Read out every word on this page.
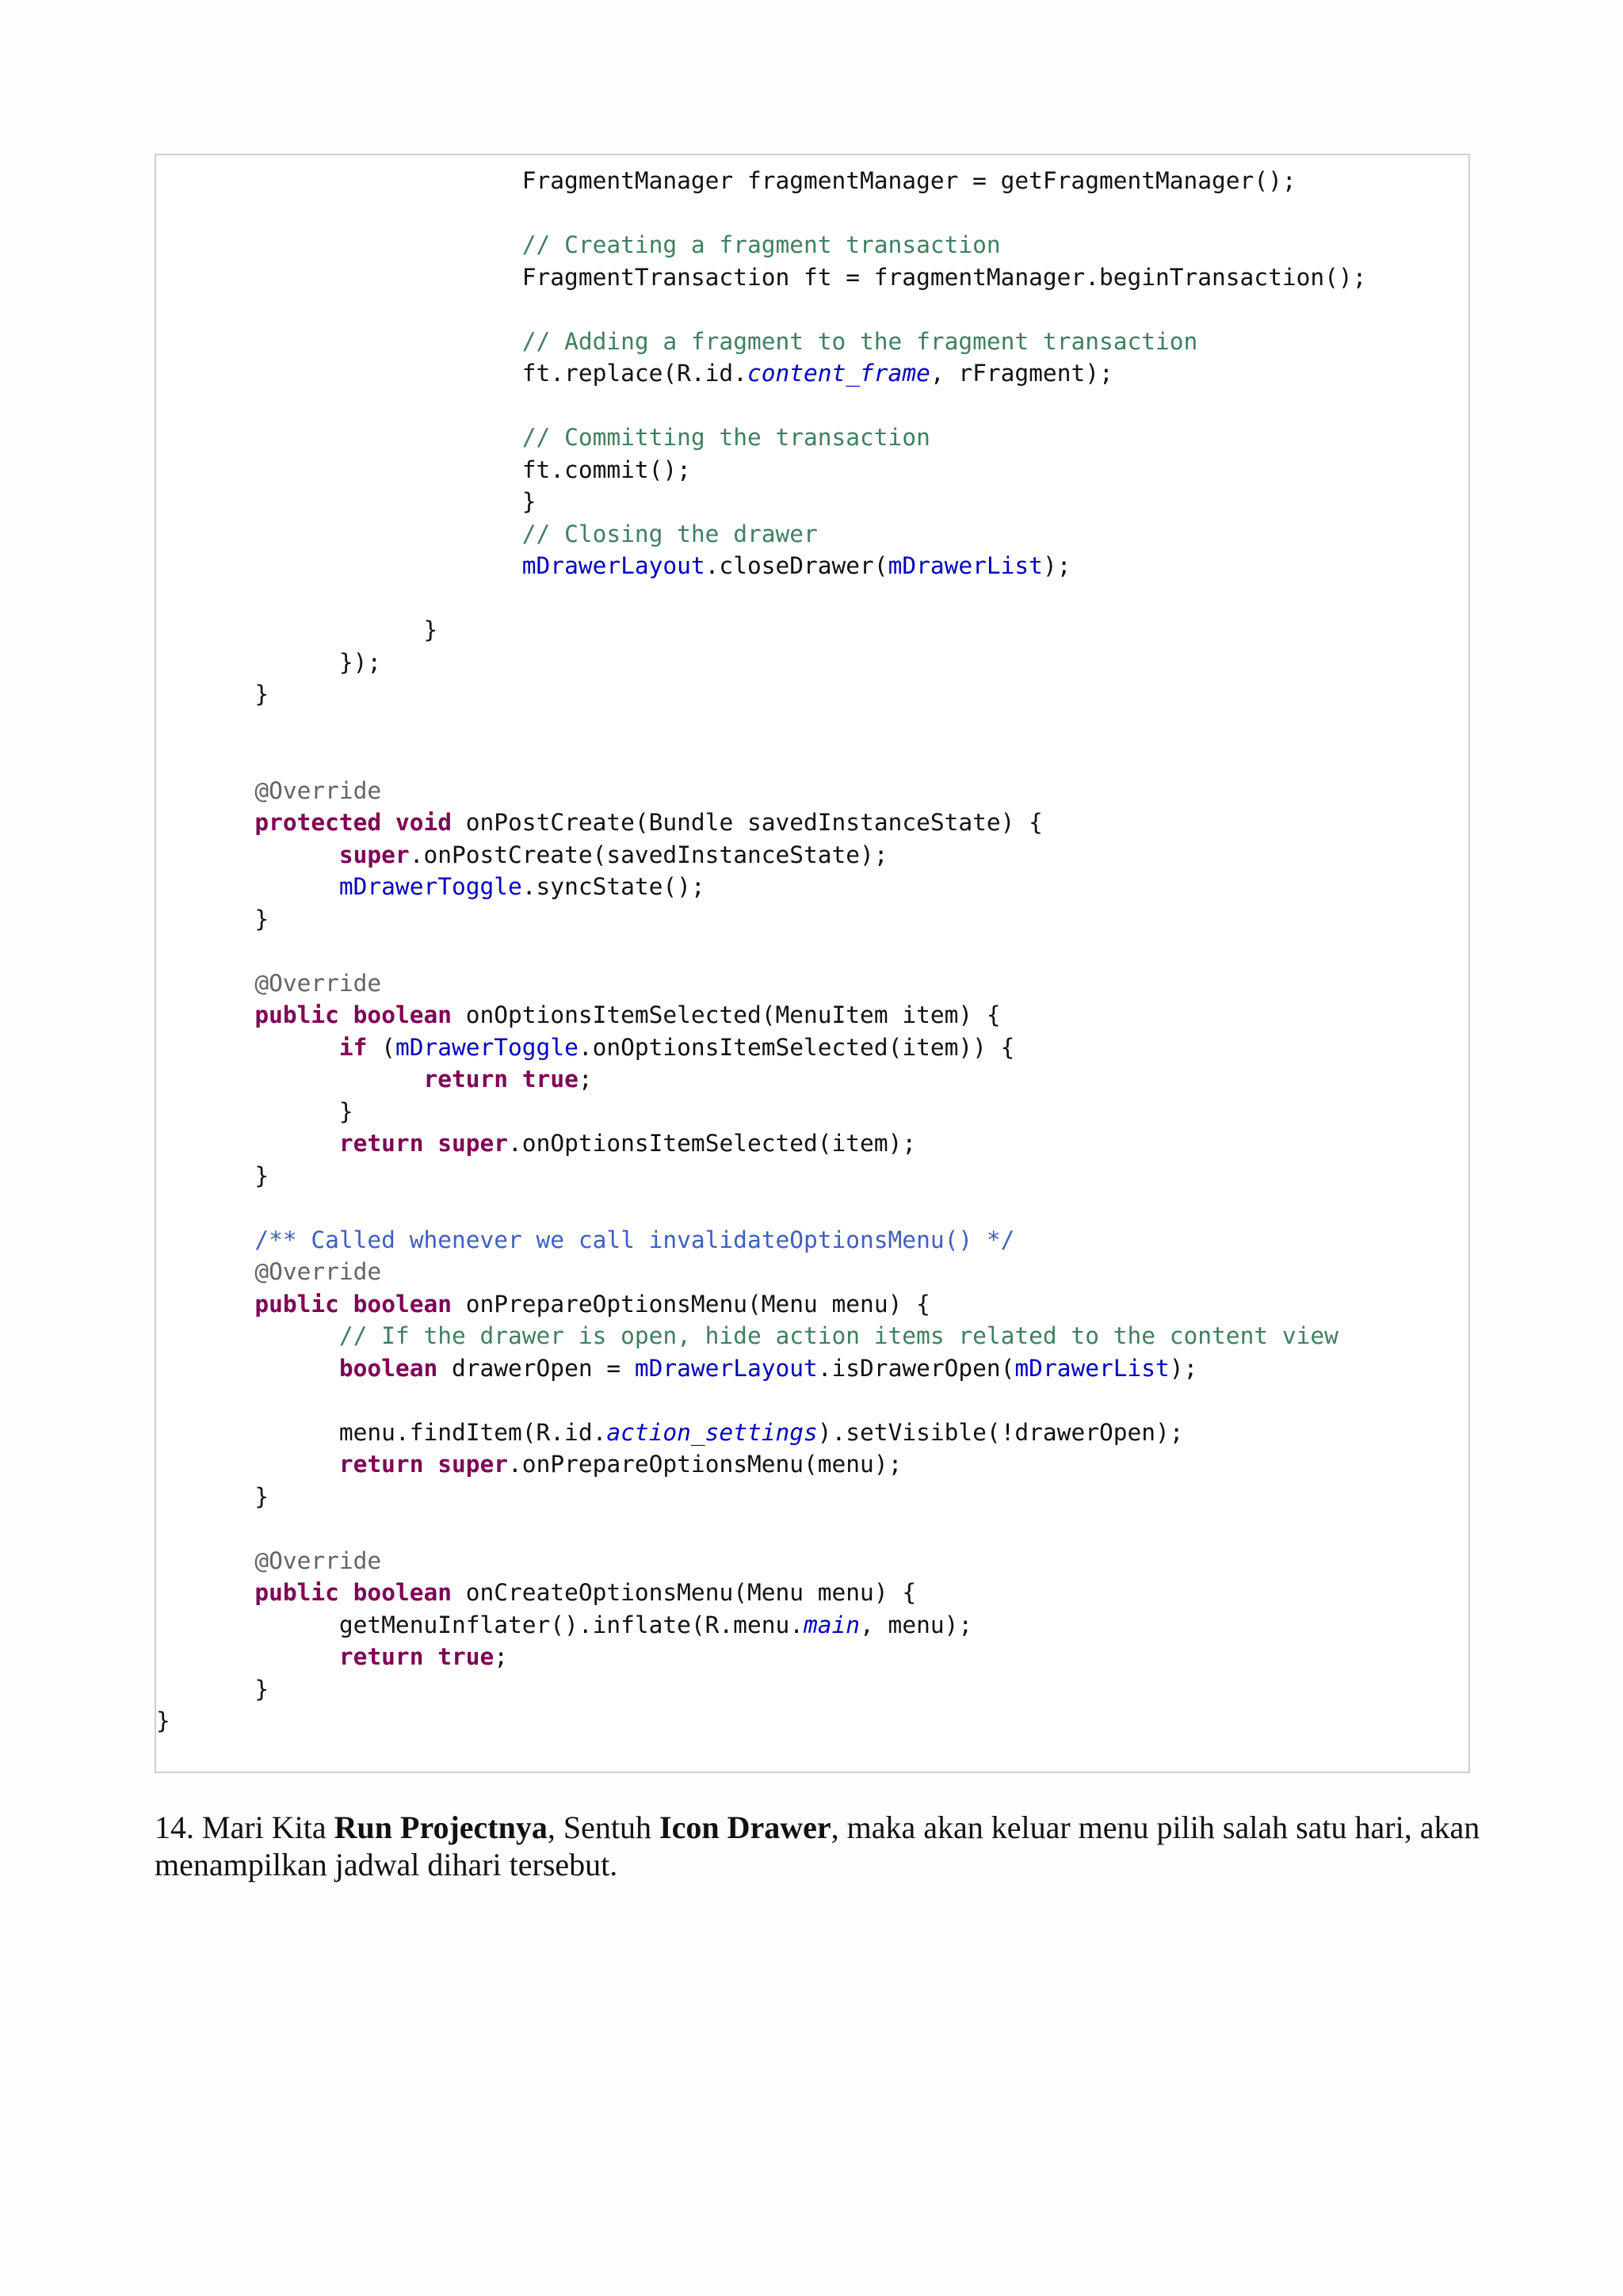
FragmentManager fragmentManager = getFragmentManager();
// Creating a fragment transaction
FragmentTransaction ft = fragmentManager.beginTransaction();
// Adding a fragment to the fragment transaction
ft.replace(R.id.content_frame, rFragment);
// Committing the transaction
ft.commit();
}
// Closing the drawer
mDrawerLayout.closeDrawer(mDrawerList);
}
});
}
@Override
protected void onPostCreate(Bundle savedInstanceState) {
super.onPostCreate(savedInstanceState);
mDrawerToggle.syncState();
}
@Override
public boolean onOptionsItemSelected(MenuItem item) {
if (mDrawerToggle.onOptionsItemSelected(item)) {
return true;
}
return super.onOptionsItemSelected(item);
}
/** Called whenever we call invalidateOptionsMenu() */
@Override
public boolean onPrepareOptionsMenu(Menu menu) {
// If the drawer is open, hide action items related to the content view
boolean drawerOpen = mDrawerLayout.isDrawerOpen(mDrawerList);
menu.findItem(R.id.action_settings).setVisible(!drawerOpen);
return super.onPrepareOptionsMenu(menu);
}
@Override
public boolean onCreateOptionsMenu(Menu menu) {
getMenuInflater().inflate(R.menu.main, menu);
return true;
}
}

14. Mari Kita Run Projectnya, Sentuh Icon Drawer, maka akan keluar menu pilih salah satu hari, akan menampilkan jadwal dihari tersebut.
